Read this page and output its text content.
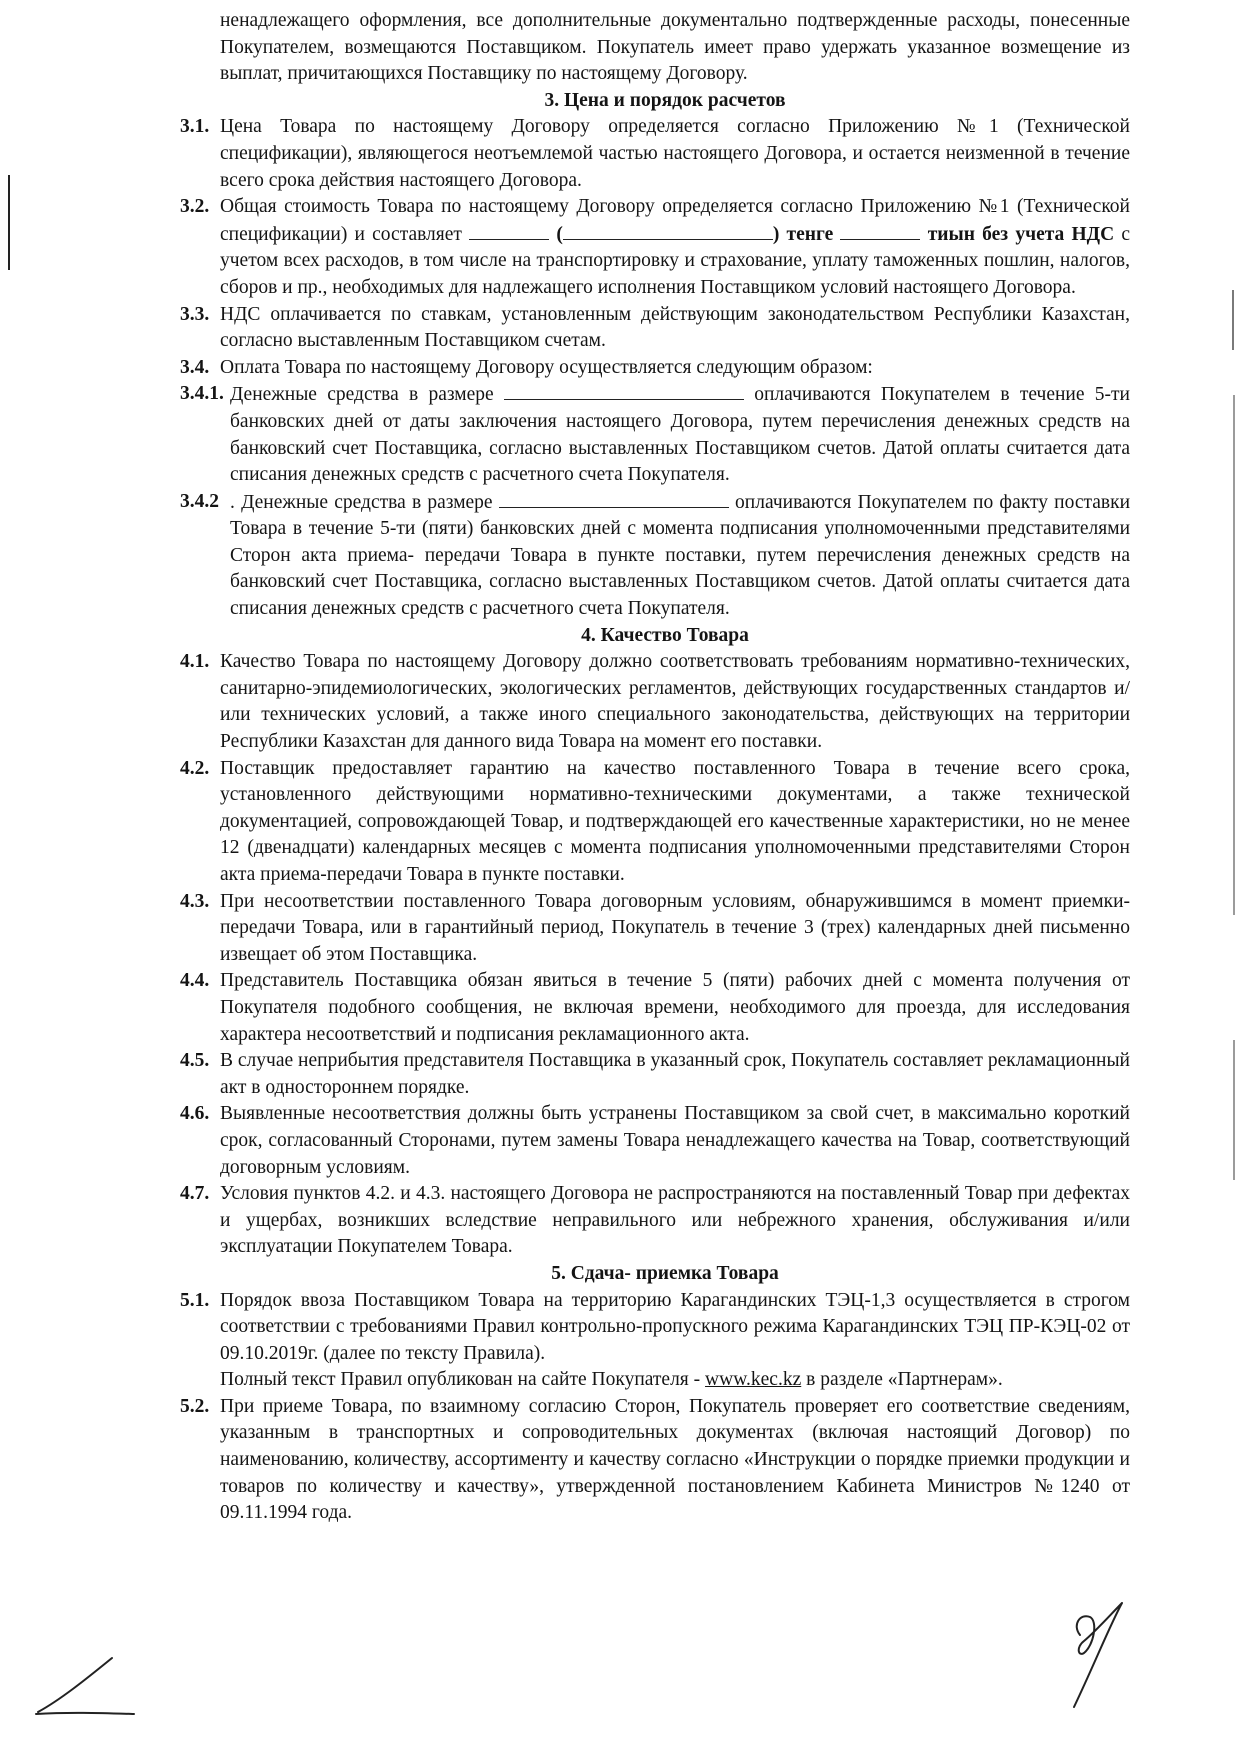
ненадлежащего оформления, все дополнительные документально подтвержденные расходы, понесенные Покупателем, возмещаются Поставщиком. Покупатель имеет право удержать указанное возмещение из выплат, причитающихся Поставщику по настоящему Договору.

3. Цена и порядок расчетов

3.1. Цена Товара по настоящему Договору определяется согласно Приложению №1 (Технической спецификации), являющегося неотъемлемой частью настоящего Договора, и остается неизменной в течение всего срока действия настоящего Договора.

3.2. Общая стоимость Товара по настоящему Договору определяется согласно Приложению №1 (Технической спецификации) и составляет	(	) тенге	тиын без учета НДС с учетом всех расходов, в том числе на транспортировку и страхование, уплату таможенных пошлин, налогов, сборов и пр., необходимых для надлежащего исполнения Поставщиком условий настоящего Договора.

3.3. НДС оплачивается по ставкам, установленным действующим законодательством Республики Казахстан, согласно выставленным Поставщиком счетам.

3.4. Оплата Товара по настоящему Договору осуществляется следующим образом:

3.4.1. Денежные средства в размере	оплачиваются Покупателем в течение 5-ти банковских дней от даты заключения настоящего Договора, путем перечисления денежных средств на банковский счет Поставщика, согласно выставленных Поставщиком счетов. Датой оплаты считается дата списания денежных средств с расчетного счета Покупателя.

3.4.2 . Денежные средства в размере	оплачиваются Покупателем по факту поставки Товара в течение 5-ти (пяти) банковских дней с момента подписания уполномоченными представителями Сторон акта приема- передачи Товара в пункте поставки, путем перечисления денежных средств на банковский счет Поставщика, согласно выставленных Поставщиком счетов. Датой оплаты считается дата списания денежных средств с расчетного счета Покупателя.

4. Качество Товара

4.1. Качество Товара по настоящему Договору должно соответствовать требованиям нормативно-технических, санитарно-эпидемиологических, экологических регламентов, действующих государственных стандартов и/или технических условий, а также иного специального законодательства, действующих на территории Республики Казахстан для данного вида Товара на момент его поставки.

4.2. Поставщик предоставляет гарантию на качество поставленного Товара в течение всего срока, установленного действующими нормативно-техническими документами, а также технической документацией, сопровождающей Товар, и подтверждающей его качественные характеристики, но не менее 12 (двенадцати) календарных месяцев с момента подписания уполномоченными представителями Сторон акта приема-передачи Товара в пункте поставки.

4.3. При несоответствии поставленного Товара договорным условиям, обнаружившимся в момент приемки-передачи Товара, или в гарантийный период, Покупатель в течение 3 (трех) календарных дней письменно извещает об этом Поставщика.

4.4. Представитель Поставщика обязан явиться в течение 5 (пяти) рабочих дней с момента получения от Покупателя подобного сообщения, не включая времени, необходимого для проезда, для исследования характера несоответствий и подписания рекламационного акта.

4.5. В случае неприбытия представителя Поставщика в указанный срок, Покупатель составляет рекламационный акт в одностороннем порядке.

4.6. Выявленные несоответствия должны быть устранены Поставщиком за свой счет, в максимально короткий срок, согласованный Сторонами, путем замены Товара ненадлежащего качества на Товар, соответствующий договорным условиям.

4.7. Условия пунктов 4.2. и 4.3. настоящего Договора не распространяются на поставленный Товар при дефектах и ущербах, возникших вследствие неправильного или небрежного хранения, обслуживания и/или эксплуатации Покупателем Товара.

5. Сдача- приемка Товара

5.1. Порядок ввоза Поставщиком Товара на территорию Карагандинских ТЭЦ-1,3 осуществляется в строгом соответствии с требованиями Правил контрольно-пропускного режима Карагандинских ТЭЦ ПР-КЭЦ-02 от 09.10.2019г. (далее по тексту Правила).

Полный текст Правил опубликован на сайте Покупателя - www.kec.kz в разделе «Партнерам».

5.2. При приеме Товара, по взаимному согласию Сторон, Покупатель проверяет его соответствие сведениям, указанным в транспортных и сопроводительных документах (включая настоящий Договор) по наименованию, количеству, ассортименту и качеству согласно «Инструкции о порядке приемки продукции и товаров по количеству и качеству», утвержденной постановлением Кабинета Министров №1240 от 09.11.1994 года.
